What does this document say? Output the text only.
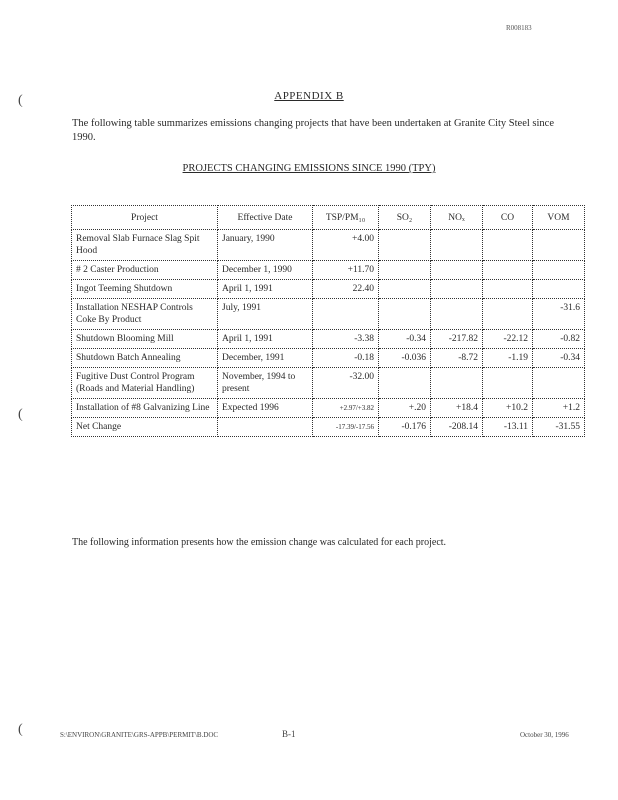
R008183
(
(
(
APPENDIX B
The following table summarizes emissions changing projects that have been undertaken at Granite City Steel since 1990.
PROJECTS CHANGING EMISSIONS SINCE 1990 (TPY)
Project	Effective Date	TSP/PM₁₀	SO₂	NOₓ	CO	VOM
Removal Slab Furnace Slag Spit Hood	January, 1990	+4.00				
# 2 Caster Production	December 1, 1990	+11.70				
Ingot Teeming Shutdown	April 1, 1991	22.40				
Installation NESHAP Controls Coke By Product	July, 1991					-31.6
Shutdown Blooming Mill	April 1, 1991	-3.38	-0.34	-217.82	-22.12	-0.82
Shutdown Batch Annealing	December, 1991	-0.18	-0.036	-8.72	-1.19	-0.34
Fugitive Dust Control Program (Roads and Material Handling)	November, 1994 to present	-32.00				
Installation of #8 Galvanizing Line	Expected 1996	+2.97/+3.82	+.20	+18.4	+10.2	+1.2
Net Change		-17.39/-17.56	-0.176	-208.14	-13.11	-31.55
The following information presents how the emission change was calculated for each project.
S:\ENVIRON\GRANITE\GRS-APPB\PERMIT\B.DOC	B-1	October 30, 1996
